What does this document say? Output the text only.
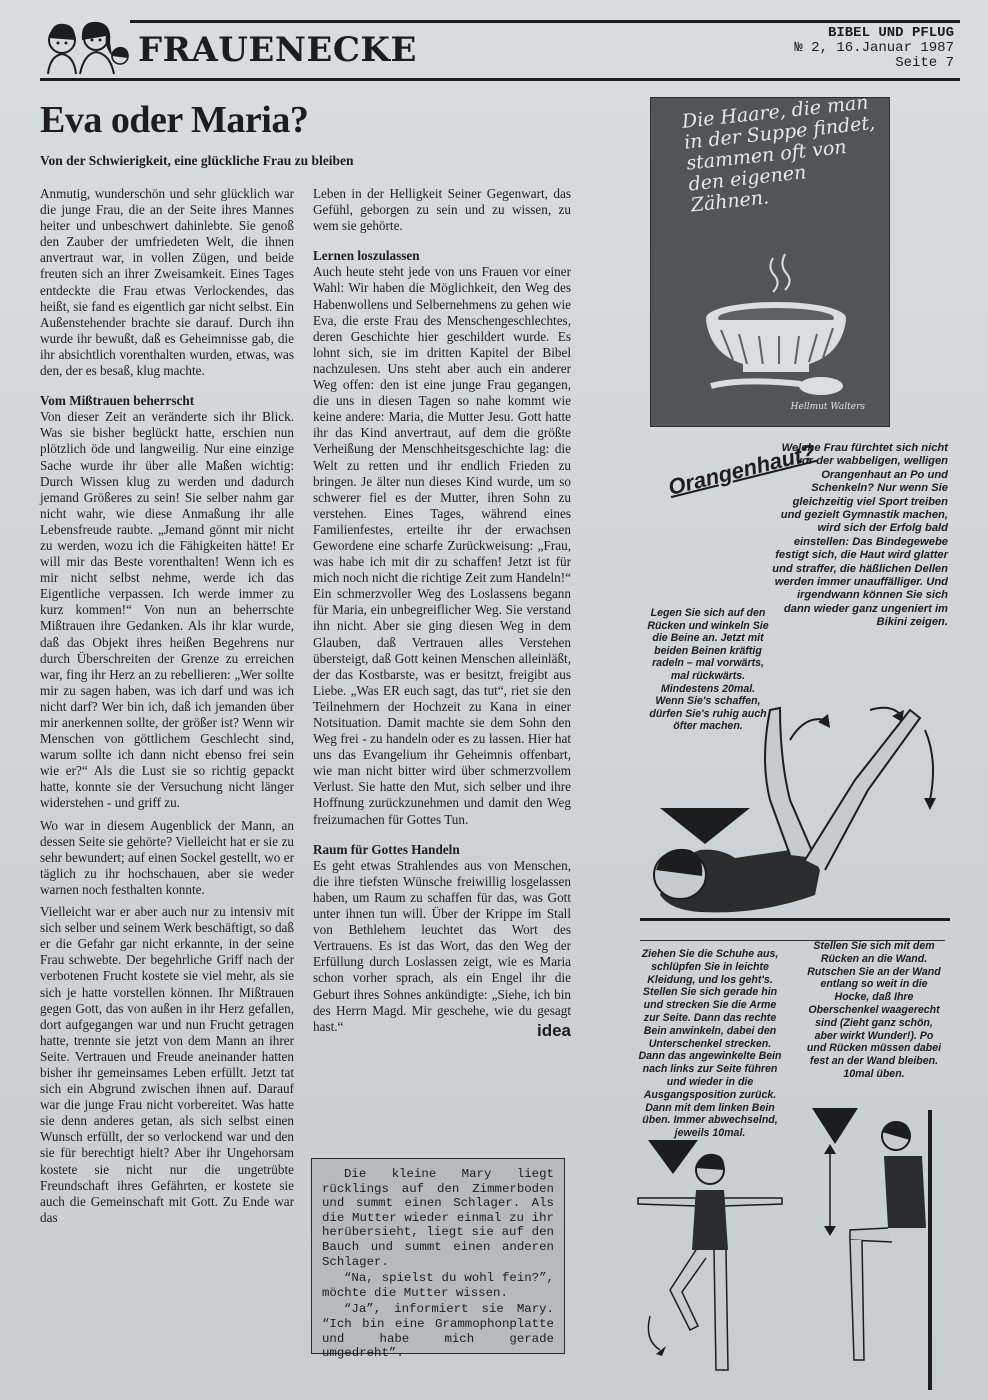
FRAUENECKE	BIBEL UND PFLUG
№ 2, 16.Januar 1987
Seite 7
Eva oder Maria?
Von der Schwierigkeit, eine glückliche Frau zu bleiben

Anmutig, wunderschön und sehr glücklich war die junge Frau, die an der Seite ihres Mannes heiter und unbeschwert dahinlebte. Sie genoß den Zauber der umfriedeten Welt, die ihnen anvertraut war, in vollen Zügen, und beide freuten sich an ihrer Zweisamkeit. Eines Tages entdeckte die Frau etwas Verlockendes, das heißt, sie fand es eigentlich gar nicht selbst. Ein Außenstehender brachte sie darauf. Durch ihn wurde ihr bewußt, daß es Geheimnisse gab, die ihr absichtlich vorenthalten wurden, etwas, was den, der es besaß, klug machte.

Vom Mißtrauen beherrscht

Von dieser Zeit an veränderte sich ihr Blick. Was sie bisher beglückt hatte, erschien nun plötzlich öde und langweilig. Nur eine einzige Sache wurde ihr über alle Maßen wichtig: Durch Wissen klug zu werden und dadurch jemand Größeres zu sein! Sie selber nahm gar nicht wahr, wie diese Anmaßung ihr alle Lebensfreude raubte. „Jemand gönnt mir nicht zu werden, wozu ich die Fähigkeiten hätte! Er will mir das Beste vorenthalten! Wenn ich es mir nicht selbst nehme, werde ich das Eigentliche verpassen. Ich werde immer zu kurz kommen!“ Von nun an beherrschte Mißtrauen ihre Gedanken. Als ihr klar wurde, daß das Objekt ihres heißen Begehrens nur durch Überschreiten der Grenze zu erreichen war, fing ihr Herz an zu rebellieren: „Wer sollte mir zu sagen haben, was ich darf und was ich nicht darf? Wer bin ich, daß ich jemanden über mir anerkennen sollte, der größer ist? Wenn wir Menschen von göttlichem Geschlecht sind, warum sollte ich dann nicht ebenso frei sein wie er?“ Als die Lust sie so richtig gepackt hatte, konnte sie der Versuchung nicht länger widerstehen - und griff zu.

Wo war in diesem Augenblick der Mann, an dessen Seite sie gehörte? Vielleicht hat er sie zu sehr bewundert; auf einen Sockel gestellt, wo er täglich zu ihr hochschauen, aber sie weder warnen noch festhalten konnte.

Vielleicht war er aber auch nur zu intensiv mit sich selber und seinem Werk beschäftigt, so daß er die Gefahr gar nicht erkannte, in der seine Frau schwebte. Der begehrliche Griff nach der verbotenen Frucht kostete sie viel mehr, als sie sich je hatte vorstellen können. Ihr Mißtrauen gegen Gott, das von außen in ihr Herz gefallen, dort aufgegangen war und nun Frucht getragen hatte, trennte sie jetzt von dem Mann an ihrer Seite. Vertrauen und Freude aneinander hatten bisher ihr gemeinsames Leben erfüllt. Jetzt tat sich ein Abgrund zwischen ihnen auf. Darauf war die junge Frau nicht vorbereitet. Was hatte sie denn anderes getan, als sich selbst einen Wunsch erfüllt, der so verlockend war und den sie für berechtigt hielt? Aber ihr Ungehorsam kostete sie nicht nur die ungetrübte Freundschaft ihres Gefährten, er kostete sie auch die Gemeinschaft mit Gott. Zu Ende war das

Leben in der Helligkeit Seiner Gegenwart, das Gefühl, geborgen zu sein und zu wissen, zu wem sie gehörte.

Lernen loszulassen

Auch heute steht jede von uns Frauen vor einer Wahl: Wir haben die Möglichkeit, den Weg des Habenwollens und Selbernehmens zu gehen wie Eva, die erste Frau des Menschengeschlechtes, deren Geschichte hier geschildert wurde. Es lohnt sich, sie im dritten Kapitel der Bibel nachzulesen. Uns steht aber auch ein anderer Weg offen: den ist eine junge Frau gegangen, die uns in diesen Tagen so nahe kommt wie keine andere: Maria, die Mutter Jesu. Gott hatte ihr das Kind anvertraut, auf dem die größte Verheißung der Menschheitsgeschichte lag: die Welt zu retten und ihr endlich Frieden zu bringen. Je älter nun dieses Kind wurde, um so schwerer fiel es der Mutter, ihren Sohn zu verstehen. Eines Tages, während eines Familienfestes, erteilte ihr der erwachsen Gewordene eine scharfe Zurückweisung: „Frau, was habe ich mit dir zu schaffen! Jetzt ist für mich noch nicht die richtige Zeit zum Handeln!“ Ein schmerzvoller Weg des Loslassens begann für Maria, ein unbegreiflicher Weg. Sie verstand ihn nicht. Aber sie ging diesen Weg in dem Glauben, daß Vertrauen alles Verstehen übersteigt, daß Gott keinen Menschen alleinläßt, der das Kostbarste, was er besitzt, freigibt aus Liebe. „Was ER euch sagt, das tut“, riet sie den Teilnehmern der Hochzeit zu Kana in einer Notsituation. Damit machte sie dem Sohn den Weg frei - zu handeln oder es zu lassen. Hier hat uns das Evangelium ihr Geheimnis offenbart, wie man nicht bitter wird über schmerzvollem Verlust. Sie hatte den Mut, sich selber und ihre Hoffnung zurückzunehmen und damit den Weg freizumachen für Gottes Tun.

Raum für Gottes Handeln

Es geht etwas Strahlendes aus von Menschen, die ihre tiefsten Wünsche freiwillig losgelassen haben, um Raum zu schaffen für das, was Gott unter ihnen tun will. Über der Krippe im Stall von Bethlehem leuchtet das Wort des Vertrauens. Es ist das Wort, das den Weg der Erfüllung durch Loslassen zeigt, wie es Maria schon vorher sprach, als ein Engel ihr die Geburt ihres Sohnes ankündigte: „Siehe, ich bin des Herrn Magd. Mir geschehe, wie du gesagt hast.“	idea

Die kleine Mary liegt rücklings auf den Zimmerboden und summt einen Schlager. Als die Mutter wieder einmal zu ihr herübersieht, liegt sie auf den Bauch und summt einen anderen Schlager.

“Na, spielst du wohl fein?”, möchte die Mutter wissen.

“Ja”, informiert sie Mary. “Ich bin eine Grammophonplatte und habe mich gerade umgedreht”.

Die Haare, die man in der Suppe findet, stammen oft von den eigenen Zähnen.
Hellmut Walters
Orangenhaut?
Welche Frau fürchtet sich nicht vor der wabbeligen, welligen Orangenhaut an Po und Schenkeln? Nur wenn Sie gleichzeitig viel Sport treiben und gezielt Gymnastik machen, wird sich der Erfolg bald einstellen: Das Bindegewebe festigt sich, die Haut wird glatter und straffer, die häßlichen Dellen werden immer unauffälliger. Und irgendwann können Sie sich dann wieder ganz ungeniert im Bikini zeigen.
Legen Sie sich auf den Rücken und winkeln Sie die Beine an. Jetzt mit beiden Beinen kräftig radeln – mal vorwärts, mal rückwärts. Mindestens 20mal. Wenn Sie's schaffen, dürfen Sie's ruhig auch öfter machen.
Ziehen Sie die Schuhe aus, schlüpfen Sie in leichte Kleidung, und los geht's. Stellen Sie sich gerade hin und strecken Sie die Arme zur Seite. Dann das rechte Bein anwinkeln, dabei den Unterschenkel strecken. Dann das angewinkelte Bein nach links zur Seite führen und wieder in die Ausgangsposition zurück. Dann mit dem linken Bein üben. Immer abwechselnd, jeweils 10mal.
Stellen Sie sich mit dem Rücken an die Wand. Rutschen Sie an der Wand entlang so weit in die Hocke, daß Ihre Oberschenkel waagerecht sind (Zieht ganz schön, aber wirkt Wunder!). Po und Rücken müssen dabei fest an der Wand bleiben. 10mal üben.
